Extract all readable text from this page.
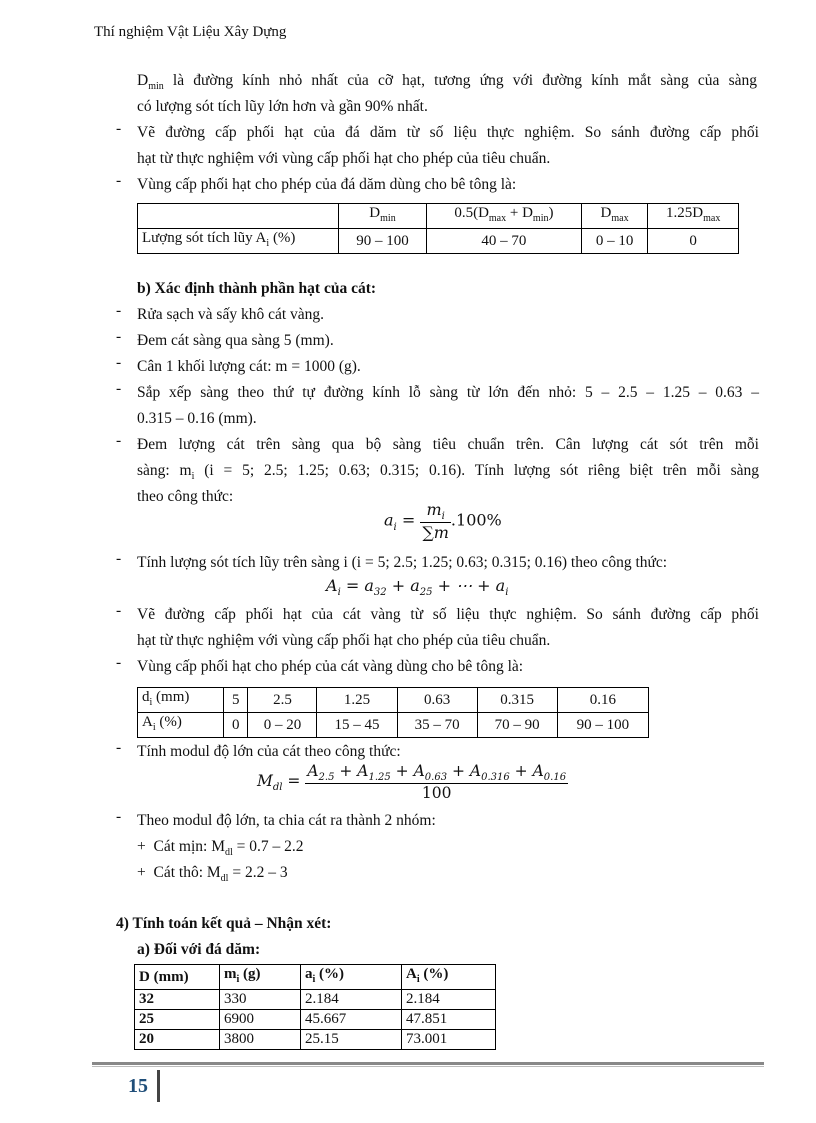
Thí nghiệm Vật Liệu Xây Dựng
$D_{min}$ là đường kính nhỏ nhất của cỡ hạt, tương ứng với đường kính mắt sàng của sàng
có lượng sót tích lũy lớn hơn và gần 90% nhất.
- Vẽ đường cấp phối hạt của đá dăm từ số liệu thực nghiệm. So sánh đường cấp phối
hạt từ thực nghiệm với vùng cấp phối hạt cho phép của tiêu chuẩn.
- Vùng cấp phối hạt cho phép của đá dăm dùng cho bê tông là:
	$D_{min}$	$0.5(D_{max} + D_{min})$	$D_{max}$	$1.25D_{max}$
Lượng sót tích lũy $A_i$ (%)	90 – 100	40 – 70	0 – 10	0
b) Xác định thành phần hạt của cát:
- Rửa sạch và sấy khô cát vàng.
- Đem cát sàng qua sàng 5 (mm).
- Cân 1 khối lượng cát: m = 1000 (g).
- Sắp xếp sàng theo thứ tự đường kính lỗ sàng từ lớn đến nhỏ: 5 – 2.5 – 1.25 – 0.63 –
0.315 – 0.16 (mm).
- Đem lượng cát trên sàng qua bộ sàng tiêu chuẩn trên. Cân lượng cát sót trên mỗi
sàng: $m_i$ (i = 5; 2.5; 1.25; 0.63; 0.315; 0.16). Tính lượng sót riêng biệt trên mỗi sàng
theo công thức:
$a_i = \frac{m_i}{\sum m} .100\%$
- Tính lượng sót tích lũy trên sàng i (i = 5; 2.5; 1.25; 0.63; 0.315; 0.16) theo công thức:
$A_i = a_{32} + a_{25}$ + ⋯ + $a_i$
- Vẽ đường cấp phối hạt của cát vàng từ số liệu thực nghiệm. So sánh đường cấp phối
hạt từ thực nghiệm với vùng cấp phối hạt cho phép của tiêu chuẩn.
- Vùng cấp phối hạt cho phép của cát vàng dùng cho bê tông là:
$d_i$ (mm)	5	2.5	1.25	0.63	0.315	0.16
$A_i$ (%)	0	0 – 20	15 – 45	35 – 70	70 – 90	90 – 100
- Tính modul độ lớn của cát theo công thức:
$M_{dl} = \frac{A_{2.5} + A_{1.25} + A_{0.63} + A_{0.316} + A_{0.16}}{100}$
- Theo modul độ lớn, ta chia cát ra thành 2 nhóm:
+ Cát mịn: $M_{dl} = 0.7 - 2.2$
+ Cát thô: $M_{dl} = 2.2 - 3$
4) Tính toán kết quả – Nhận xét:
a) Đối với đá dăm:
D (mm)	$m_i$ (g)	$a_i$ (%)	$A_i$ (%)
32	330	2.184	2.184
25	6900	45.667	47.851
20	3800	25.15	73.001
15
